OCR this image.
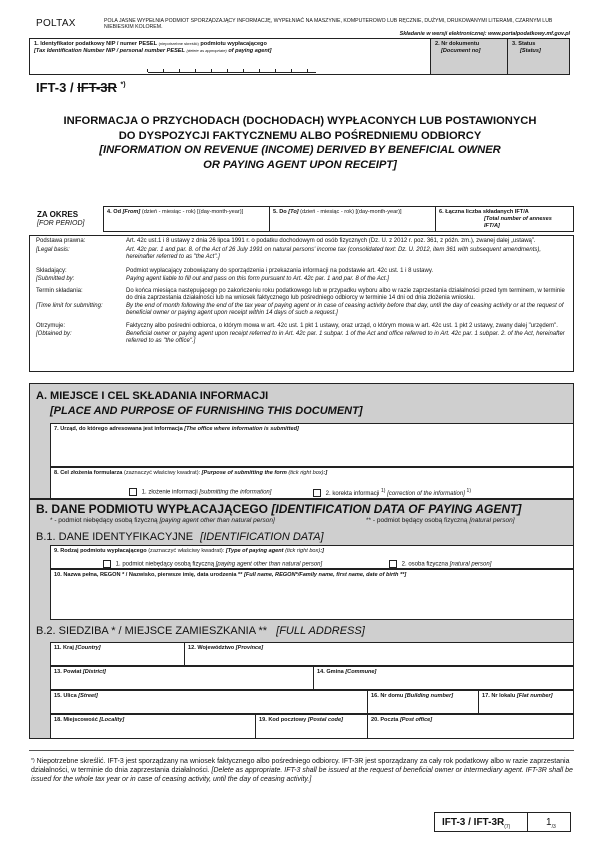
POLTAX	POLA JASNE WYPEŁNIA PODMIOT SPORZĄDZAJĄCY INFORMACJĘ, WYPEŁNIAĆ NA MASZYNIE, KOMPUTEROWO LUB RĘCZNIE, DUŻYMI, DRUKOWANYMI LITERAMI, CZARNYM LUB NIEBIESKIM KOLOREM.
Składanie w wersji elektronicznej: www.portalpodatkowy.mf.gov.pl
1. Identyfikator podatkowy NIP / numer PESEL (niepotrzebne skreślić) podmiotu wypłacającego
[Tax Identification Number NIP / personal number PESEL (delete as appropriate) of paying agent]
2. Nr dokumentu
[Document no]
3. Status
[Status]
IFT-3 / IFT-3R *)
INFORMACJA O PRZYCHODACH (DOCHODACH) WYPŁACONYCH LUB POSTAWIONYCH
DO DYSPOZYCJI FAKTYCZNEMU ALBO POŚREDNIEMU ODBIORCY
[INFORMATION ON REVENUE (INCOME) DERIVED BY BENEFICIAL OWNER
OR PAYING AGENT UPON RECEIPT]
ZA OKRES
[FOR PERIOD]
4. Od [From] (dzień - miesiąc - rok) [(day-month-year)]	5. Do [To] (dzień - miesiąc - rok) [(day-month-year)]	6. Łączna liczba składanych IFT/A
[Total number of annexes IFT/A]
Podstawa prawna:	Art. 42c ust.1 i 8 ustawy z dnia 26 lipca 1991 r. o podatku dochodowym od osób fizycznych (Dz. U. z 2012 r. poz. 361, z późn. zm.), zwanej dalej „ustawą”.
[Legal basis:	Art. 42c par. 1 and par. 8. of the Act of 26 July 1991 on natural persons' income tax (consolidated text: Dz. U. 2012, item 361 with subsequent amendments), hereinafter referred to as "the Act".]
Składający:	Podmiot wypłacający zobowiązany do sporządzenia i przekazania informacji na podstawie art. 42c ust. 1 i 8 ustawy.
[Submitted by:	Paying agent liable to fill out and pass on this form pursuant to Art. 42c par. 1 and par. 8 of the Act.]
Termin składania:	Do końca miesiąca następującego po zakończeniu roku podatkowego lub w przypadku wyboru albo w razie zaprzestania działalności przed tym terminem, w terminie do dnia zaprzestania działalności lub na wniosek faktycznego lub pośredniego odbiorcy w terminie 14 dni od dnia złożenia wniosku.
[Time limit for submitting:	By the end of month following the end of the tax year of paying agent or in case of ceasing activity before that day, until the day of ceasing activity or at the request of beneficial owner or paying agent upon receipt within 14 days of such a request.]
Otrzymuje:	Faktyczny albo pośredni odbiorca, o którym mowa w art. 42c ust. 1 pkt 1 ustawy, oraz urząd, o którym mowa w art. 42c ust. 1 pkt 2 ustawy, zwany dalej "urzędem".
[Obtained by:	Beneficial owner or paying agent upon receipt referred to in Art. 42c par. 1 subpar. 1 of the Act and office referred to in Art. 42c par. 1 subpar. 2. of the Act, hereinafter referred to as "the office".]
A. MIEJSCE I CEL SKŁADANIA INFORMACJI
[PLACE AND PURPOSE OF FURNISHING THIS DOCUMENT]
7. Urząd, do którego adresowana jest informacja [The office where information is submitted]
8. Cel złożenia formularza (zaznaczyć właściwy kwadrat): [Purpose of submitting the form (tick right box):]
1. złożenie informacji [submitting the information]	2. korekta informacji $^{1)}$ [correction of the information] $^{1)}$
B. DANE PODMIOTU WYPŁACAJĄCEGO [IDENTIFICATION DATA OF PAYING AGENT]
* - podmiot niebędący osobą fizyczną [paying agent other than natural person]	** - podmiot będący osobą fizyczną [natural person]
B.1. DANE IDENTYFIKACYJNE [IDENTIFICATION DATA]
9. Rodzaj podmiotu wypłacającego (zaznaczyć właściwy kwadrat): [Type of paying agent (tick right box):]
1. podmiot niebędący osobą fizyczną [paying agent other than natural person]	2. osoba fizyczna [natural person]
10. Nazwa pełna, REGON * / Nazwisko, pierwsze imię, data urodzenia ** [Full name, REGON*/Family name, first name, date of birth **]
B.2. SIEDZIBA * / MIEJSCE ZAMIESZKANIA ** [FULL ADDRESS]
11. Kraj [Country]	12. Województwo [Province]
13. Powiat [District]	14. Gmina [Commune]
15. Ulica [Street]	16. Nr domu [Building number]	17. Nr lokalu [Flat number]
18. Miejscowość [Locality]	19. Kod pocztowy [Postal code]	20. Poczta [Post office]
*) Niepotrzebne skreślić. IFT-3 jest sporządzany na wniosek faktycznego albo pośredniego odbiorcy. IFT-3R jest sporządzany za cały rok podatkowy albo w razie zaprzestania działalności, w terminie do dnia zaprzestania działalności. [Delete as appropriate. IFT-3 shall be issued at the request of beneficial owner or intermediary agent. IFT-3R shall be issued for the whole tax year or in case of ceasing activity, until the day of ceasing activity.]
IFT-3 / IFT-$3R_{(7)}$	$1_{/3}$
